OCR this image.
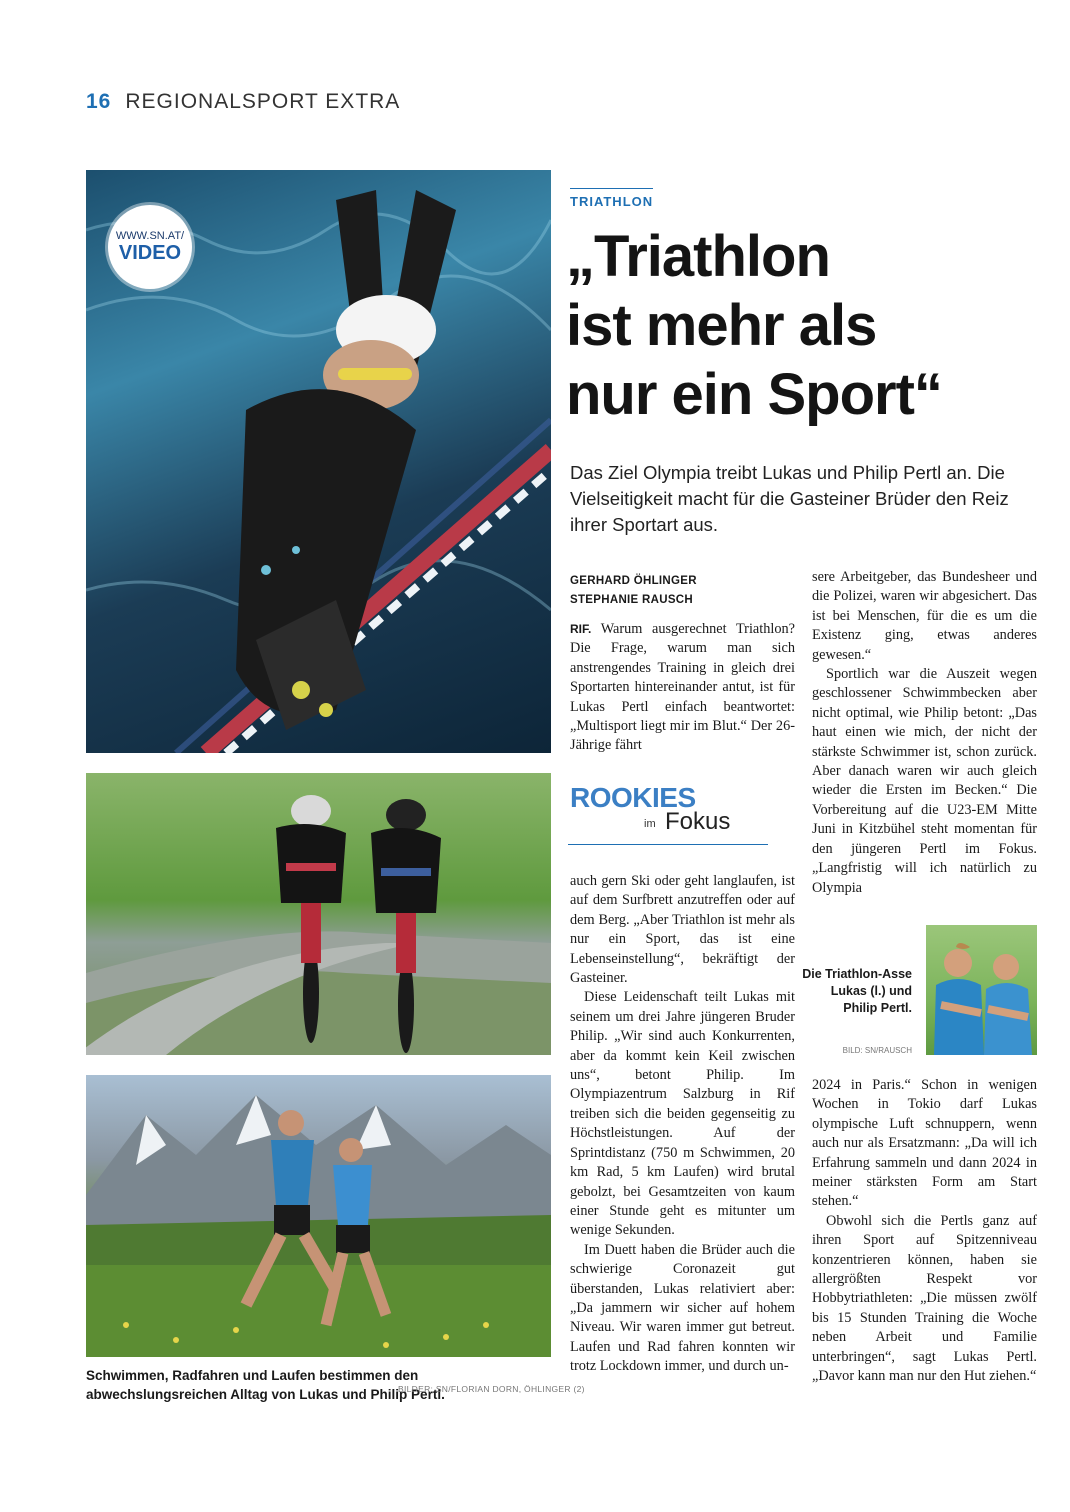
16 REGIONALSPORT EXTRA
WWW.SN.AT/
VIDEO
Schwimmen, Radfahren und Laufen bestimmen den abwechslungsreichen Alltag von Lukas und Philip Pertl.
BILDER: SN/FLORIAN DORN, ÖHLINGER (2)
TRIATHLON
„Triathlon
ist mehr als
nur ein Sport“
Das Ziel Olympia treibt Lukas und Philip Pertl an. Die Vielseitigkeit macht für die Gasteiner Brüder den Reiz ihrer Sportart aus.
GERHARD ÖHLINGER
STEPHANIE RAUSCH

RIF. Warum ausgerechnet Triathlon? Die Frage, warum man sich anstrengendes Training in gleich drei Sportarten hintereinander antut, ist für Lukas Pertl einfach beantwortet: „Multisport liegt mir im Blut.“ Der 26-Jährige fährt

ROOKIES
im Fokus

auch gern Ski oder geht langlaufen, ist auf dem Surfbrett anzutreffen oder auf dem Berg. „Aber Triathlon ist mehr als nur ein Sport, das ist eine Lebenseinstellung“, bekräftigt der Gasteiner.

Diese Leidenschaft teilt Lukas mit seinem um drei Jahre jüngeren Bruder Philip. „Wir sind auch Konkurrenten, aber da kommt kein Keil zwischen uns“, betont Philip. Im Olympiazentrum Salzburg in Rif treiben sich die beiden gegenseitig zu Höchstleistungen. Auf der Sprintdistanz (750 m Schwimmen, 20 km Rad, 5 km Laufen) wird brutal gebolzt, bei Gesamtzeiten von kaum einer Stunde geht es mitunter um wenige Sekunden.

Im Duett haben die Brüder auch die schwierige Coronazeit gut überstanden, Lukas relativiert aber: „Da jammern wir sicher auf hohem Niveau. Wir waren immer gut betreut. Laufen und Rad fahren konnten wir trotz Lockdown immer, und durch un-

sere Arbeitgeber, das Bundesheer und die Polizei, waren wir abgesichert. Das ist bei Menschen, für die es um die Existenz ging, etwas anderes gewesen.“

Sportlich war die Auszeit wegen geschlossener Schwimmbecken aber nicht optimal, wie Philip betont: „Das haut einen wie mich, der nicht der stärkste Schwimmer ist, schon zurück. Aber danach waren wir auch gleich wieder die Ersten im Becken.“ Die Vorbereitung auf die U23-EM Mitte Juni in Kitzbühel steht momentan für den jüngeren Pertl im Fokus. „Langfristig will ich natürlich zu Olympia

Die Triathlon-Asse Lukas (l.) und Philip Pertl.
BILD: SN/RAUSCH

2024 in Paris.“ Schon in wenigen Wochen in Tokio darf Lukas olympische Luft schnuppern, wenn auch nur als Ersatzmann: „Da will ich Erfahrung sammeln und dann 2024 in meiner stärksten Form am Start stehen.“

Obwohl sich die Pertls ganz auf ihren Sport auf Spitzenniveau konzentrieren können, haben sie allergrößten Respekt vor Hobbytriathleten: „Die müssen zwölf bis 15 Stunden Training die Woche neben Arbeit und Familie unterbringen“, sagt Lukas Pertl. „Davor kann man nur den Hut ziehen.“
